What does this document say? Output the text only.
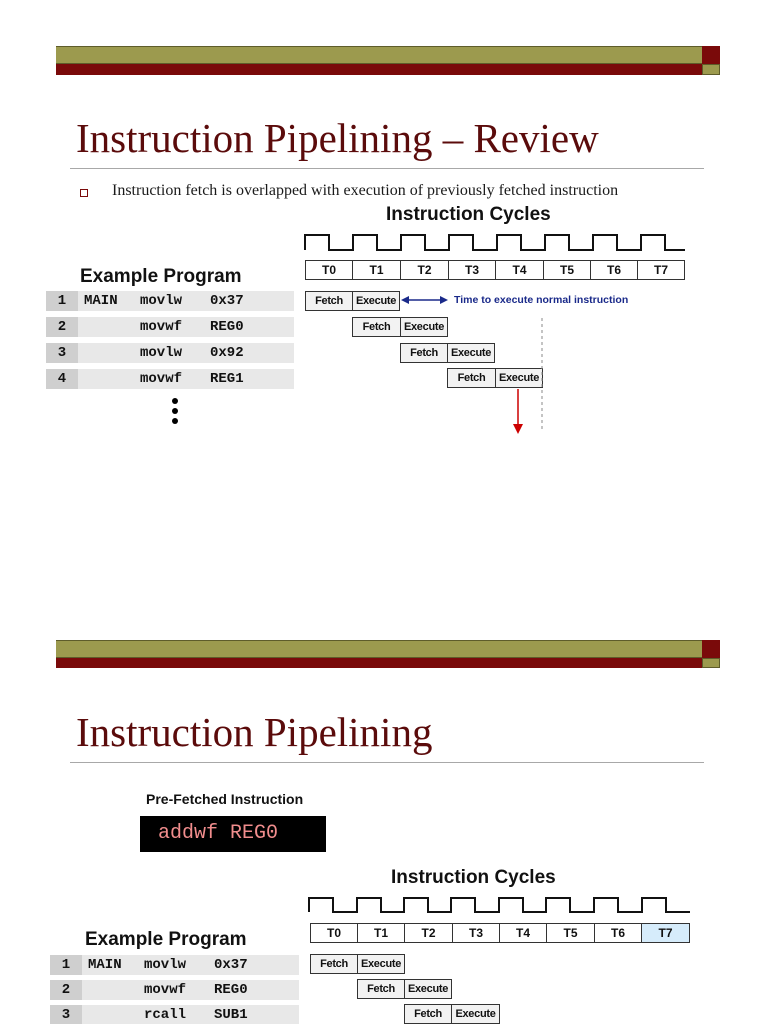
Instruction Pipelining – Review
Instruction fetch is overlapped with execution of previously fetched instruction
Instruction Cycles
T0	T1	T2	T3	T4	T5	T6	T7
Example Program
1	MAIN movlw 0x37
2	movwf REG0
3	movlw 0x92
4	movwf REG1
Fetch	Execute
Fetch	Execute
Fetch	Execute
Fetch	Execute
Time to execute normal instruction
Instruction Pipelining
Pre-Fetched Instruction
addwf REG0
Instruction Cycles
T0	T1	T2	T3	T4	T5	T6	T7
Example Program
1	MAIN movlw 0x37
2	movwf REG0
3	rcall SUB1
Fetch	Execute
Fetch	Execute
Fetch	Execute
